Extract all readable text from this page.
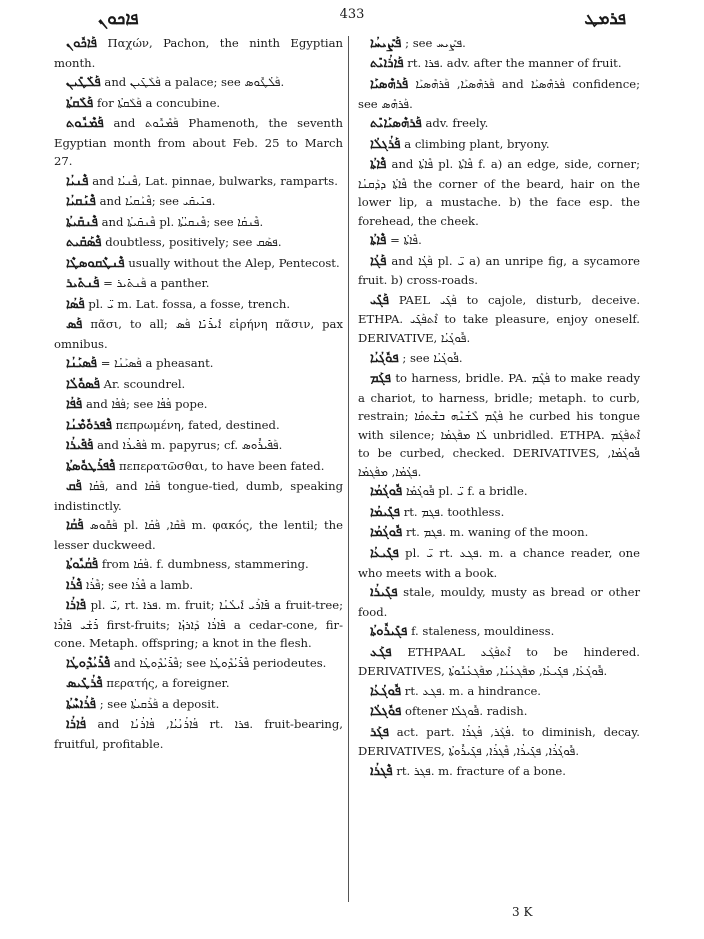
ܦܐܟܘܢ	433	ܦܪܡܛ

ܦܰܐܟܽܘܢ Παχών, Pachon, the ninth Egyptian month.

ܦܰܠܰܛܺܝܢ and ܦܰܠܰܛܺܝܢ a palace; see ܦܰܠܳܛܽܘܣ.

ܦܰܠܰܩܬܳܐ for ܦܰܠܰܩܬܳܐ a concubine.

ܦܰܡܶܢܽܘܬ and ܦܰܡܶܢܽܘܬ Phamenoth, the seventh Egyptian month from about Feb. 25 to March 27.

ܦܶܢܝܳܐ and ܦܶܢܝܳܐ, Lat. pinnae, bulwarks, ramparts.

ܦܶܢܰܩܝܳܐ and ܦܶܢܰܩܝܳܐ; see ܦܢܺܝܩܺܝ.

ܦܶܢܩܺܝܬܳܐ and ܦܶܢܩܺܝܬܳܐ pl. ܦܶܢܩܝܳܬܳܐ; see ܦܶܢܩܳܐ.

ܦܶܣܰܩܺܝܬ doubtless, positively; see ܦܣܰܩ.

ܦܶܢܛܶܩܘܣܛܶܐ usually without the Alep, Pentecost.

ܦܰܢܬܺܝܪ = ܦܰܢܬܺܝܪ a panther.

ܦܰܣܳܐ pl. ܝ̈ m. Lat. fossa, a fosse, trench.

ܦܰܣ πᾶσι, to all; ܐܺܝܪܺܢܺܐ ܦܰܣ εἰρήνη πᾶσιν, pax omnibus.

ܦܰܣܝܰܢܳܐ = ܦܰܣܝܰܢܳܐ a pheasant.

ܦܰܣܘܽܠܳܐ Ar. scoundrel.

ܦܰܦܳܐ and ܦܰܦܳܐ; see ܦܳܦܳܐ pope.

ܦܶܦܪܘܽܡܶܢܳܐ πεπρωμένη, fated, destined.

ܦܰܦܺܝܪܳܐ and ܦܰܦܺܝܪܳܐ m. papyrus; cf. ܦܰܦܺܝܪܽܘܣ.

ܦܶܦܪܰܛܘܽܣܬܳܐ πεπερατῶσθαι, to have been fated.

ܦܰܩ ܦܰܩܳܐ, and ܦܰܩܳܐ tongue-tied, dumb, speaking indistinctly.

ܦܰܩܳܐ ܦܰܩܽܘܣ pl. ܦܰܩܶܐ, ܦܰܩܳܐ m. φακός, the lentil; the lesser duckweed.

ܦܰܩܳܝܽܘܬܳܐ from ܦܰܩܳܐ. f. dumbness, stammering.

ܦܶܪܳܐ ܦܶܪܳܐ; see ܦܶܪܳܐ a lamb.

ܦܺܐܪܳܐ pl. ܝ̈, rt. ܦܪܐ. m. fruit; ܦܺܐܪܰܝ ܐܺܝܠܳܢܳܐ a fruit-tree; ܪܺܫܰܝ ܦܺܐܪܶܐ first-fruits; ܦܺܐܪܳܐ ܕܰܐܪܙܳܐ a cedar-cone, fir-cone. Metaph. offspring; a knot in the flesh.

ܦܶܪܺܝܳܕܶܘܛܳܐ and ܦܶܪܺܝܳܕܶܘܛܳܐ; see ܦܶܪܺܝܳܕܶܘܛܳܐ periodeutes.

ܦܶܪܳܛܺܝܣ περατής, a foreigner.

ܦܰܪܳܐܚܶܬܳܐ ; see ܦܰܪܰܩܝܬܳܐ a deposit.

ܦܳܐܪܳܐ and ܦܳܐܪܳܢܳܝܳܐ, ܦܳܐܪܳܢܳܐ rt. ܦܪܐ. fruit-bearing, fruitful, profitable.

ܦܰܨܺܝܚܳܐ ; see ܦܨܺܝܚ.

ܦܰܐܪܳܐܝܺܬ rt. ܦܪܐ. adv. after the manner of fruit.

ܦܰܪܗܶܣܝܰܐ ܦܰܪܗܶܣܝܰܐ, ܦܰܪܗܶܣܝܰܐ and ܦܰܪܗܶܣܝܰܐ confidence; see ܦܰܪܗܶܣ.

ܦܰܪܗܶܣܝܰܐܝܺܬ adv. freely.

ܦܰܪܳܓܠܳܐ a climbing plant, bryony.

ܦܶܐܬܳܐ and ܦܶܐܬܳܐ pl. ܦܶܐܬܶܐ f. a) an edge, side, corner; ܦܶܐܬܳܐ ܕܕܰܩܢܳܐ the corner of the beard, hair on the lower lip, a mustache. b) the face esp. the forehead, the cheek.

ܦܶܐܬܳܐ = ܦܶܐܬܳܐ.

ܦܰܓܳܐ and ܦܰܓܳܐ pl. ܝ̈ a) an unripe fig, a sycamore fruit. b) cross-roads.

ܦܰܓܺܝ PAEL ܦܰܓܺܝ to cajole, disturb, deceive. ETHPA. ܐܶܬܦܰܓܺܝ to take pleasure, enjoy oneself. DERIVATIVE, ܦܽܘܓܳܝܳܐ.

ܦܘܽܓܳܝܳܐ ; see ܦܽܘܓܳܝܳܐ.

ܦܓܰܡ to harness, bridle. PA. ܦܰܓܶܡ to make ready a chariot, to harness, bridle; metaph. to curb, restrain; ܦܰܓܶܡ ܠܶܫܳܢܶܗ ܒܫܶܬܩܳܐ he curbed his tongue with silence; ܠܳܐ ܡܦܰܓܡܳܐ unbridled. ETHPA. ܐܶܬܦܰܓܰܡ to be curbed, checked. DERIVATIVES, ܦܽܘܓܳܡܳܐ, ܦܓܳܡܳܐ, ܡܦܰܓܡܳܐ.

ܦܽܘܓܳܡܳܐ ܦܽܘܓܳܡܳܐ pl. ܝ̈ f. a bridle.

ܦܓܺܝܡܳܐ rt. ܦܓܡ. toothless.

ܦܽܘܓܳܡܳܐ rt. ܦܓܡ. m. waning of the moon.

ܦܓܺܝܥܳܐ pl. ܝ̈ rt. ܦܓܥ. m. a chance reader, one who meets with a book.

ܦܓܺܝܪܳܐ stale, mouldy, musty as bread or other food.

ܦܓܺܝܪܽܘܬܳܐ f. staleness, mouldiness.

ܦܓܰܥ ETHPAAL ܐܶܬܦܰܓܰܥ to be hindered. DERIVATIVES, ܦܽܘܓܳܥܳܐ, ܦܓܺܝܥܳܐ, ܡܦܰܓܥܳܢܳܐ, ܡܦܰܓܥܳܢܽܘܬܳܐ.

ܦܽܘܓܳܥܳܐ rt. ܦܓܥ. m. a hindrance.

ܦܘܽܓܠܳܐ oftener ܦܽܘܓܠܳܐ. radish.

ܦܓܰܪ act. part. ܦܳܓܰܪ, ܦܳܓܪܳܐ. to diminish, decay. DERIVATIVES, ܦܽܘܓܳܪܳܐ, ܦܓܺܝܪܳܐ, ܦܶܓܪܳܐ, ܦܓܺܝܪܽܘܬܳܐ.

ܦܶܓܪܳܐ rt. ܦܓܪ. m. fracture of a bone.

3 K
